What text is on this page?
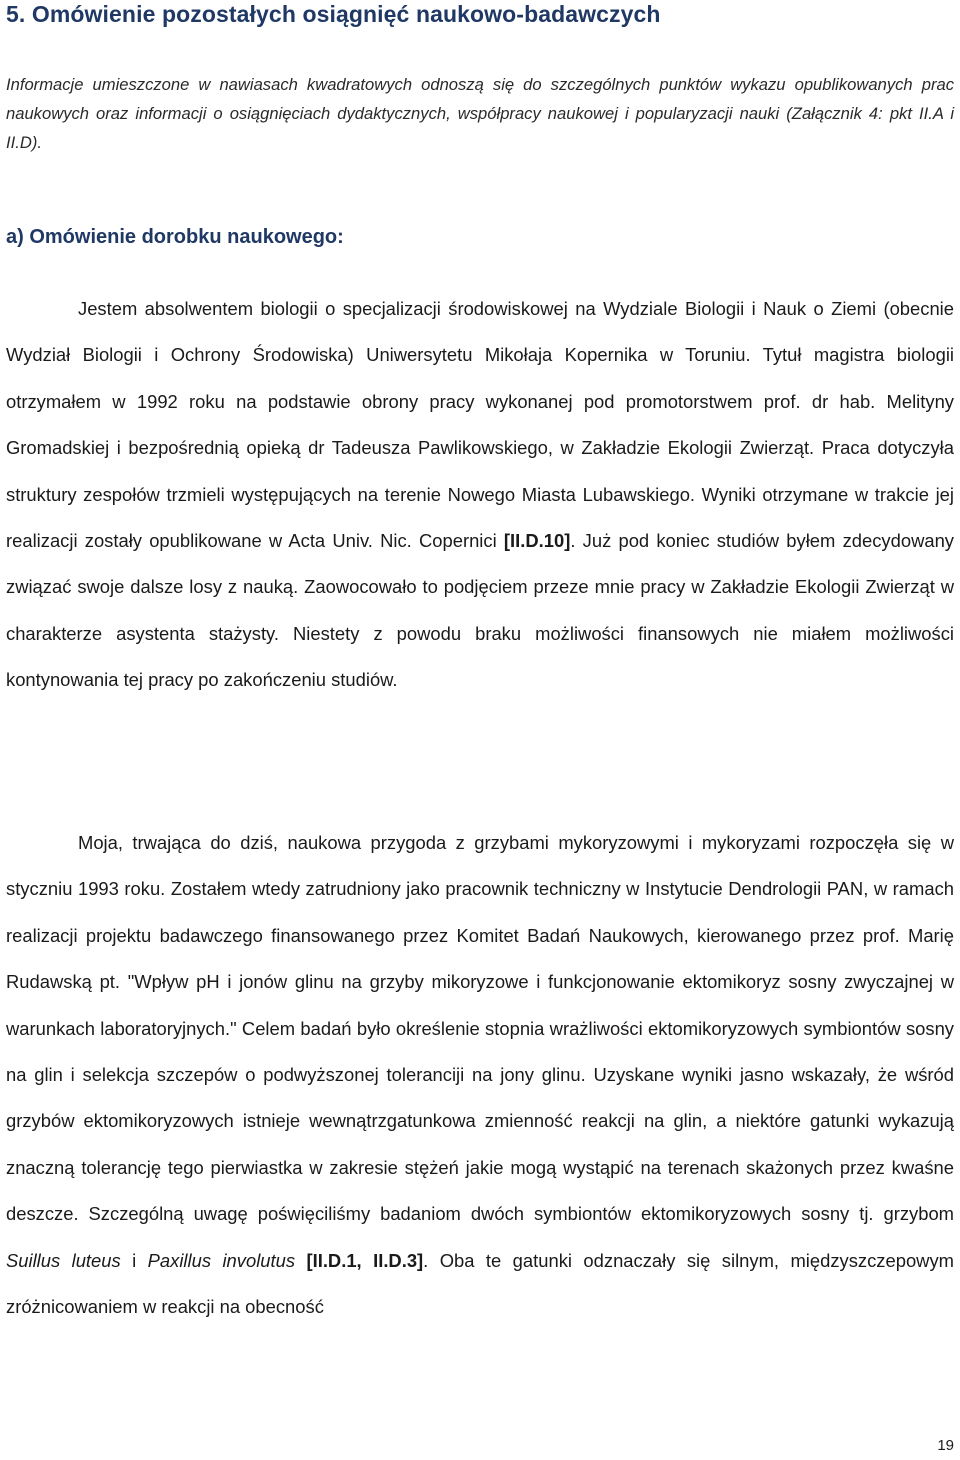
5. Omówienie pozostałych osiągnięć naukowo-badawczych

Informacje umieszczone w nawiasach kwadratowych odnoszą się do szczególnych punktów wykazu opublikowanych prac naukowych oraz informacji o osiągnięciach dydaktycznych, współpracy naukowej i popularyzacji nauki (Załącznik 4: pkt II.A i II.D).

a) Omówienie dorobku naukowego:

Jestem absolwentem biologii o specjalizacji środowiskowej na Wydziale Biologii i Nauk o Ziemi (obecnie Wydział Biologii i Ochrony Środowiska) Uniwersytetu Mikołaja Kopernika w Toruniu. Tytuł magistra biologii otrzymałem w 1992 roku na podstawie obrony pracy wykonanej pod promotorstwem prof. dr hab. Melityny Gromadskiej i bezpośrednią opieką dr Tadeusza Pawlikowskiego, w Zakładzie Ekologii Zwierząt. Praca dotyczyła struktury zespołów trzmieli występujących na terenie Nowego Miasta Lubawskiego. Wyniki otrzymane w trakcie jej realizacji zostały opublikowane w Acta Univ. Nic. Copernici [II.D.10]. Już pod koniec studiów byłem zdecydowany związać swoje dalsze losy z nauką. Zaowocowało to podjęciem przeze mnie pracy w Zakładzie Ekologii Zwierząt w charakterze asystenta stażysty. Niestety z powodu braku możliwości finansowych nie miałem możliwości kontynowania tej pracy po zakończeniu studiów.

Moja, trwająca do dziś, naukowa przygoda z grzybami mykoryzowymi i mykoryzami rozpoczęła się w styczniu 1993 roku. Zostałem wtedy zatrudniony jako pracownik techniczny w Instytucie Dendrologii PAN, w ramach realizacji projektu badawczego finansowanego przez Komitet Badań Naukowych, kierowanego przez prof. Marię Rudawską pt. "Wpływ pH i jonów glinu na grzyby mikoryzowe i funkcjonowanie ektomikoryz sosny zwyczajnej w warunkach laboratoryjnych." Celem badań było określenie stopnia wrażliwości ektomikoryzowych symbiontów sosny na glin i selekcja szczepów o podwyższonej toleranciji na jony glinu. Uzyskane wyniki jasno wskazały, że wśród grzybów ektomikoryzowych istnieje wewnątrzgatunkowa zmienność reakcji na glin, a niektóre gatunki wykazują znaczną tolerancję tego pierwiastka w zakresie stężeń jakie mogą wystąpić na terenach skażonych przez kwaśne deszcze. Szczególną uwagę poświęciliśmy badaniom dwóch symbiontów ektomikoryzowych sosny tj. grzybom Suillus luteus i Paxillus involutus [II.D.1, II.D.3]. Oba te gatunki odznaczały się silnym, międzyszczepowym zróżnicowaniem w reakcji na obecność

19
